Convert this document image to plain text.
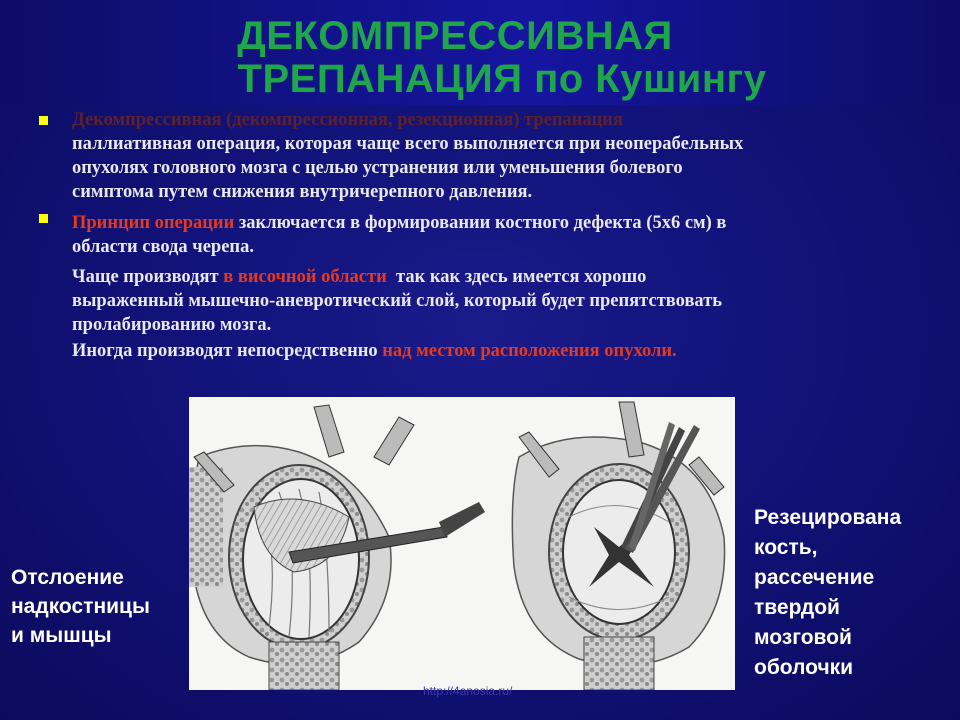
ДЕКОМПРЕССИВНАЯ
ТРЕПАНАЦИЯ по Кушингу
Декомпрессивная (декомпрессионная, резекционная) трепанация
паллиативная операция, которая чаще всего выполняется при неоперабельных
опухолях головного мозга с целью устранения или уменьшения болевого
симптома путем снижения внутричерепного давления.
Принцип операции заключается в формировании костного дефекта (5х6 см) в
области свода черепа.
Чаще производят в височной области  так как здесь имеется хорошо
выраженный мышечно-аневротический слой, который будет препятствовать
пролабированию мозга.
Иногда производят непосредственно над местом расположения опухоли.
Отслоение
надкостницы
и мышцы
Резецирована
кость,
рассечение
твердой
мозговой
оболочки
http://4anosia.ru/
